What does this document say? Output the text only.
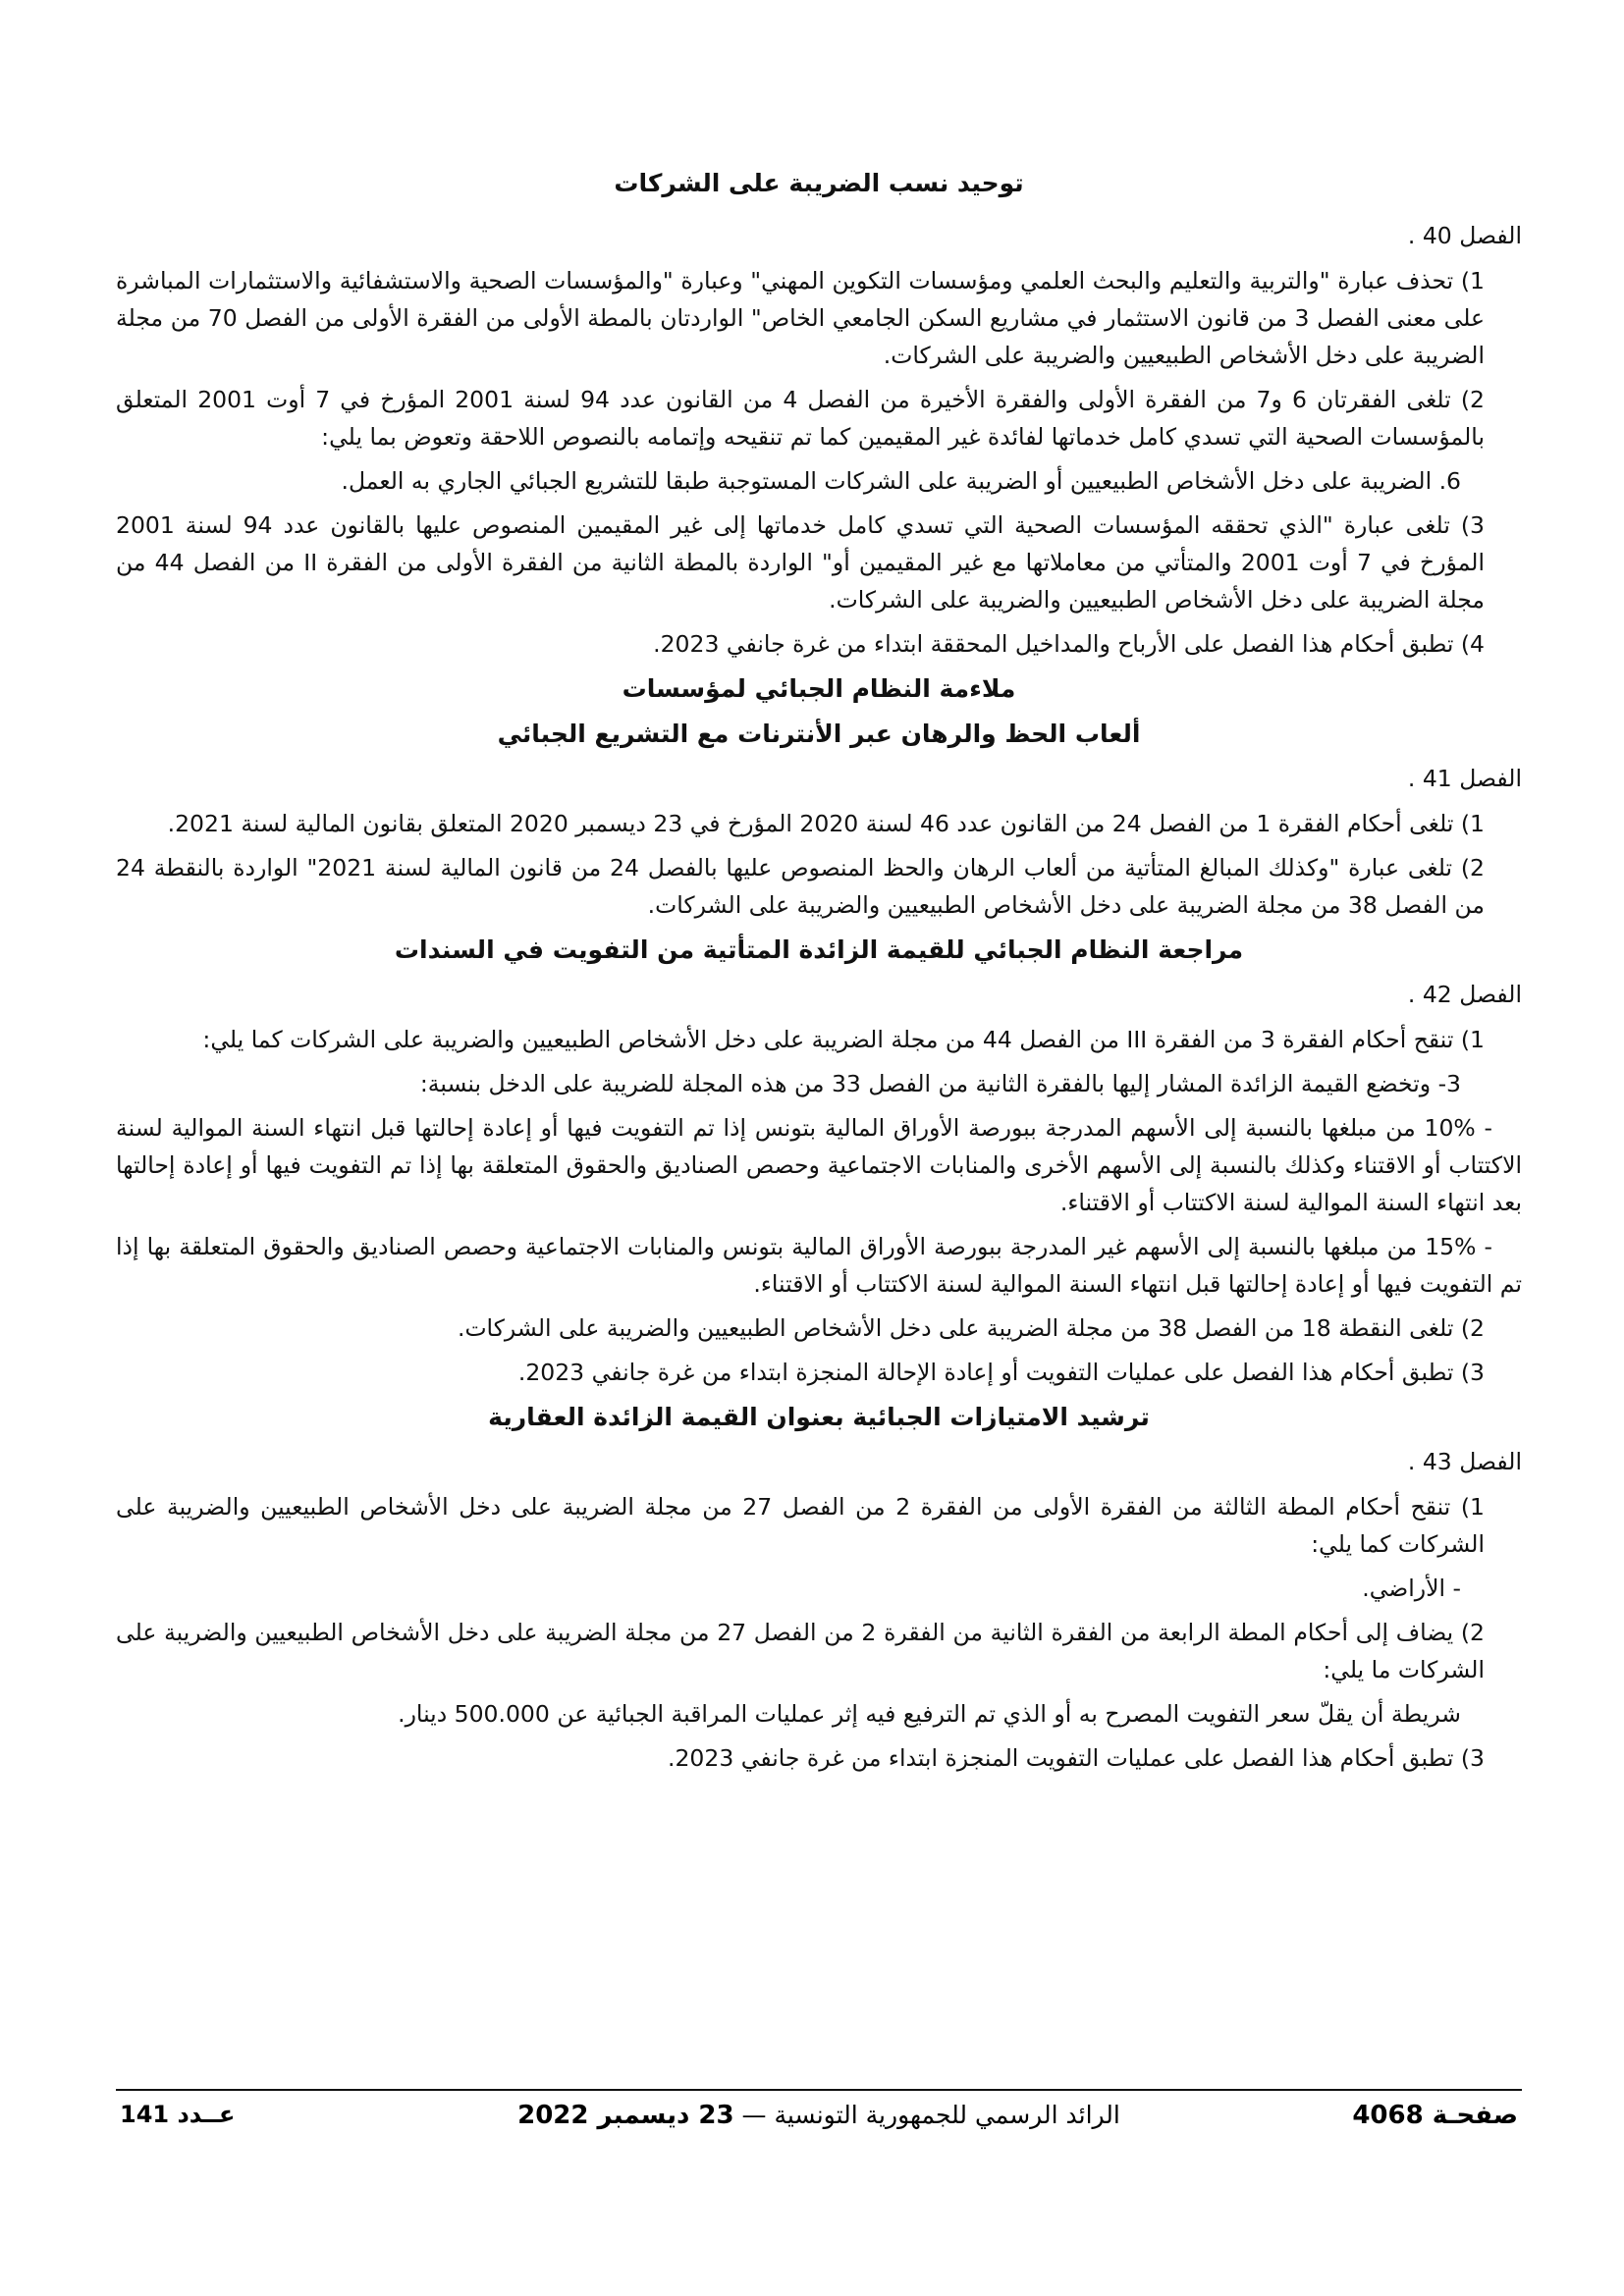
توحيد نسب الضريبة على الشركات
الفصل 40 .

1) تحذف عبارة "والتربية والتعليم والبحث العلمي ومؤسسات التكوين المهني" وعبارة "والمؤسسات الصحية والاستشفائية والاستثمارات المباشرة على معنى الفصل 3 من قانون الاستثمار في مشاريع السكن الجامعي الخاص" الواردتان بالمطة الأولى من الفقرة الأولى من الفصل 70 من مجلة الضريبة على دخل الأشخاص الطبيعيين والضريبة على الشركات.

2) تلغى الفقرتان 6 و7 من الفقرة الأولى والفقرة الأخيرة من الفصل 4 من القانون عدد 94 لسنة 2001 المؤرخ في 7 أوت 2001 المتعلق بالمؤسسات الصحية التي تسدي كامل خدماتها لفائدة غير المقيمين كما تم تنقيحه وإتمامه بالنصوص اللاحقة وتعوض بما يلي:

6. الضريبة على دخل الأشخاص الطبيعيين أو الضريبة على الشركات المستوجبة طبقا للتشريع الجبائي الجاري به العمل.

3) تلغى عبارة "الذي تحققه المؤسسات الصحية التي تسدي كامل خدماتها إلى غير المقيمين المنصوص عليها بالقانون عدد 94 لسنة 2001 المؤرخ في 7 أوت 2001 والمتأتي من معاملاتها مع غير المقيمين أو" الواردة بالمطة الثانية من الفقرة الأولى من الفقرة II من الفصل 44 من مجلة الضريبة على دخل الأشخاص الطبيعيين والضريبة على الشركات.

4) تطبق أحكام هذا الفصل على الأرباح والمداخيل المحققة ابتداء من غرة جانفي 2023.

ملاءمة النظام الجبائي لمؤسسات
ألعاب الحظ والرهان عبر الأنترنات مع التشريع الجبائي
الفصل 41 .

1) تلغى أحكام الفقرة 1 من الفصل 24 من القانون عدد 46 لسنة 2020 المؤرخ في 23 ديسمبر 2020 المتعلق بقانون المالية لسنة 2021.

2) تلغى عبارة "وكذلك المبالغ المتأتية من ألعاب الرهان والحظ المنصوص عليها بالفصل 24 من قانون المالية لسنة 2021" الواردة بالنقطة 24 من الفصل 38 من مجلة الضريبة على دخل الأشخاص الطبيعيين والضريبة على الشركات.

مراجعة النظام الجبائي للقيمة الزائدة المتأتية من التفويت في السندات
الفصل 42 .

1) تنقح أحكام الفقرة 3 من الفقرة III من الفصل 44 من مجلة الضريبة على دخل الأشخاص الطبيعيين والضريبة على الشركات كما يلي:

3- وتخضع القيمة الزائدة المشار إليها بالفقرة الثانية من الفصل 33 من هذه المجلة للضريبة على الدخل بنسبة:

- 10% من مبلغها بالنسبة إلى الأسهم المدرجة ببورصة الأوراق المالية بتونس إذا تم التفويت فيها أو إعادة إحالتها قبل انتهاء السنة الموالية لسنة الاكتتاب أو الاقتناء وكذلك بالنسبة إلى الأسهم الأخرى والمنابات الاجتماعية وحصص الصناديق والحقوق المتعلقة بها إذا تم التفويت فيها أو إعادة إحالتها بعد انتهاء السنة الموالية لسنة الاكتتاب أو الاقتناء.

- 15% من مبلغها بالنسبة إلى الأسهم غير المدرجة ببورصة الأوراق المالية بتونس والمنابات الاجتماعية وحصص الصناديق والحقوق المتعلقة بها إذا تم التفويت فيها أو إعادة إحالتها قبل انتهاء السنة الموالية لسنة الاكتتاب أو الاقتناء.

2) تلغى النقطة 18 من الفصل 38 من مجلة الضريبة على دخل الأشخاص الطبيعيين والضريبة على الشركات.

3) تطبق أحكام هذا الفصل على عمليات التفويت أو إعادة الإحالة المنجزة ابتداء من غرة جانفي 2023.

ترشيد الامتيازات الجبائية بعنوان القيمة الزائدة العقارية
الفصل 43 .

1) تنقح أحكام المطة الثالثة من الفقرة الأولى من الفقرة 2 من الفصل 27 من مجلة الضريبة على دخل الأشخاص الطبيعيين والضريبة على الشركات كما يلي:

- الأراضي.

2) يضاف إلى أحكام المطة الرابعة من الفقرة الثانية من الفقرة 2 من الفصل 27 من مجلة الضريبة على دخل الأشخاص الطبيعيين والضريبة على الشركات ما يلي:

شريطة أن يقلّ سعر التفويت المصرح به أو الذي تم الترفيع فيه إثر عمليات المراقبة الجبائية عن 500.000 دينار.

3) تطبق أحكام هذا الفصل على عمليات التفويت المنجزة ابتداء من غرة جانفي 2023.

صفحـة 4068
الرائد الرسمي للجمهورية التونسية — 23 ديسمبر 2022
عــدد 141
